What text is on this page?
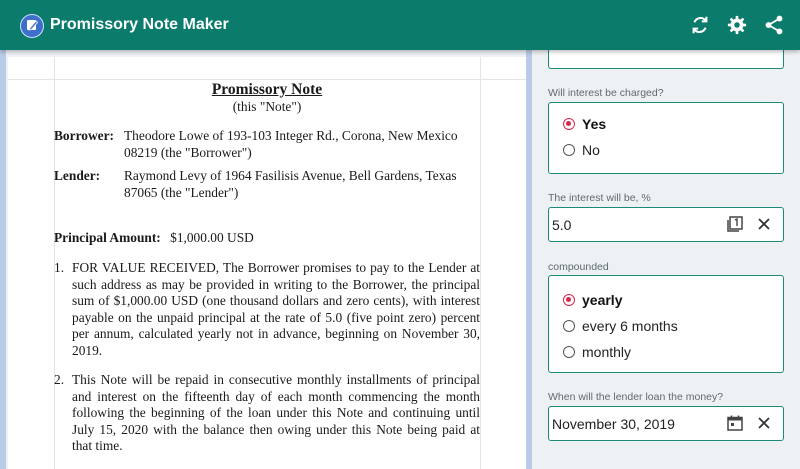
Promissory Note Maker
Promissory Note
(this "Note")
Borrower: Theodore Lowe of 193-103 Integer Rd., Corona, New Mexico 08219 (the "Borrower")
Lender: Raymond Levy of 1964 Fasilisis Avenue, Bell Gardens, Texas 87065 (the "Lender")
Principal Amount: $1,000.00 USD
1. FOR VALUE RECEIVED, The Borrower promises to pay to the Lender at such address as may be provided in writing to the Borrower, the principal sum of $1,000.00 USD (one thousand dollars and zero cents), with interest payable on the unpaid principal at the rate of 5.0 (five point zero) percent per annum, calculated yearly not in advance, beginning on November 30, 2019.
2. This Note will be repaid in consecutive monthly installments of principal and interest on the fifteenth day of each month commencing the month following the beginning of the loan under this Note and continuing until July 15, 2020 with the balance then owing under this Note being paid at that time.
Will interest be charged?
Yes
No
The interest will be, %
5.0
compounded
yearly
every 6 months
monthly
When will the lender loan the money?
November 30, 2019
